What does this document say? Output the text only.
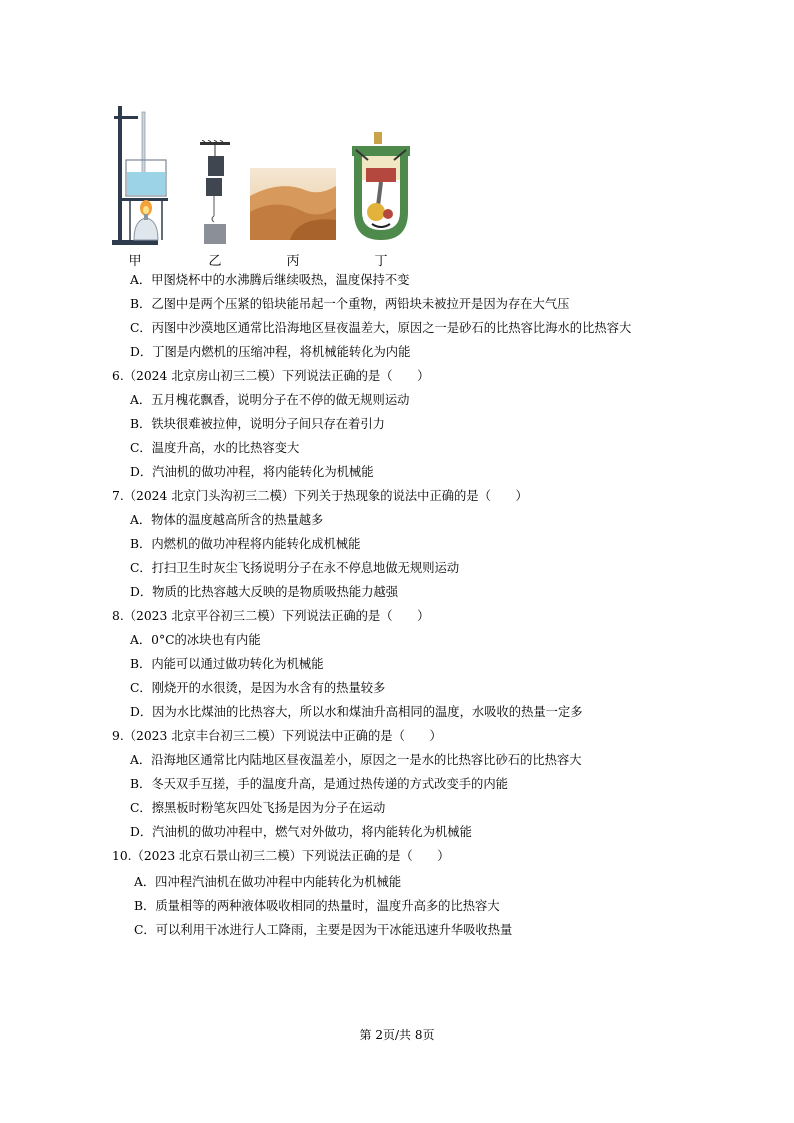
甲	乙	丙	丁
A．甲图烧杯中的水沸腾后继续吸热，温度保持不变
B．乙图中是两个压紧的铅块能吊起一个重物，两铅块未被拉开是因为存在大气压
C．丙图中沙漠地区通常比沿海地区昼夜温差大，原因之一是砂石的比热容比海水的比热容大
D．丁图是内燃机的压缩冲程，将机械能转化为内能
6.（2024 北京房山初三二模）下列说法正确的是（　　）
A．五月槐花飘香，说明分子在不停的做无规则运动
B．铁块很难被拉伸，说明分子间只存在着引力
C．温度升高，水的比热容变大
D．汽油机的做功冲程，将内能转化为机械能
7.（2024 北京门头沟初三二模）下列关于热现象的说法中正确的是（　　）
A．物体的温度越高所含的热量越多
B．内燃机的做功冲程将内能转化成机械能
C．打扫卫生时灰尘飞扬说明分子在永不停息地做无规则运动
D．物质的比热容越大反映的是物质吸热能力越强
8.（2023 北京平谷初三二模）下列说法正确的是（　　）
A．0°C的冰块也有内能
B．内能可以通过做功转化为机械能
C．刚烧开的水很烫，是因为水含有的热量较多
D．因为水比煤油的比热容大，所以水和煤油升高相同的温度，水吸收的热量一定多
9.（2023 北京丰台初三二模）下列说法中正确的是（　　）
A．沿海地区通常比内陆地区昼夜温差小，原因之一是水的比热容比砂石的比热容大
B．冬天双手互搓，手的温度升高，是通过热传递的方式改变手的内能
C．擦黑板时粉笔灰四处飞扬是因为分子在运动
D．汽油机的做功冲程中，燃气对外做功，将内能转化为机械能
10.（2023 北京石景山初三二模）下列说法正确的是（　　）
A．四冲程汽油机在做功冲程中内能转化为机械能
B．质量相等的两种液体吸收相同的热量时，温度升高多的比热容大
C．可以利用干冰进行人工降雨，主要是因为干冰能迅速升华吸收热量
第 2页/共 8页
